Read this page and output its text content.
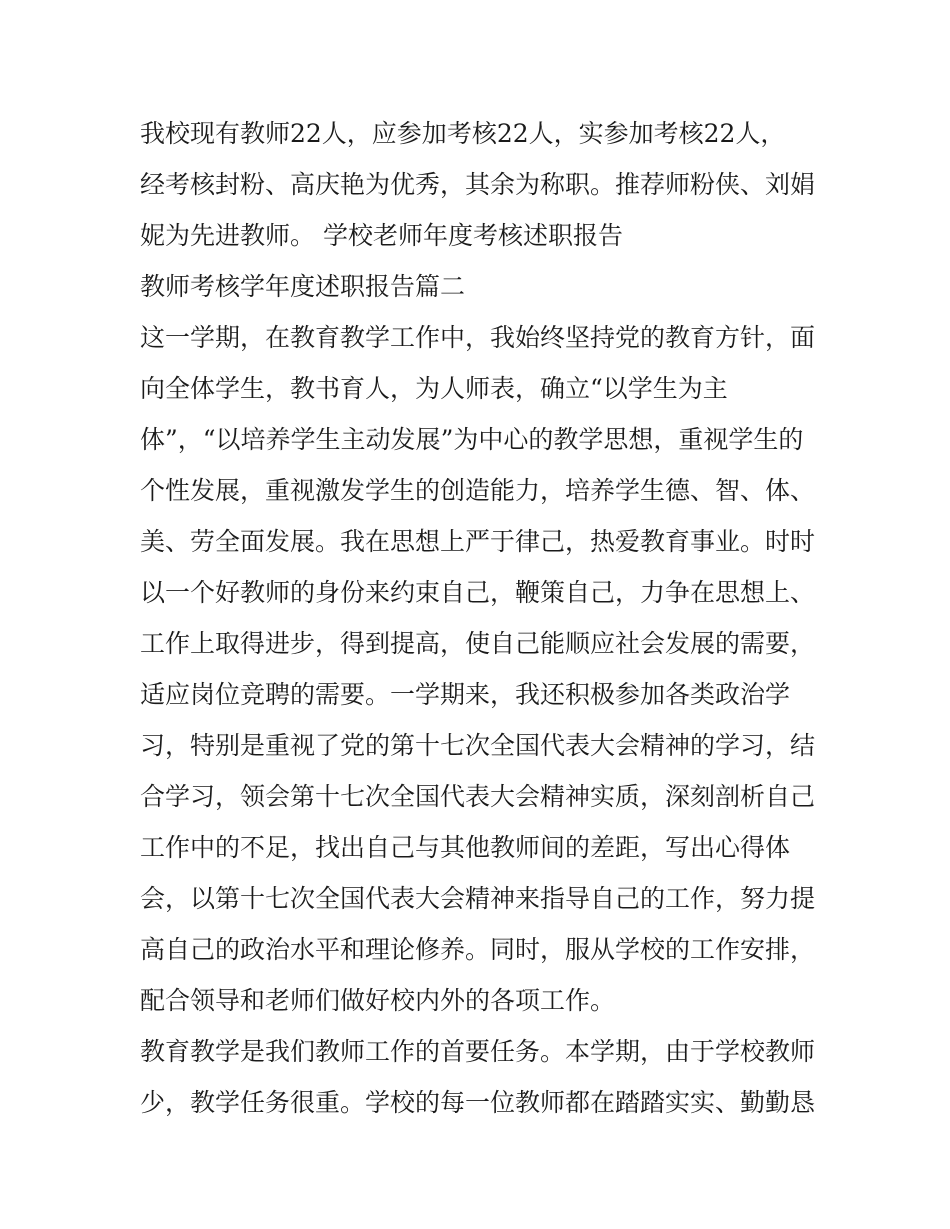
我校现有教师22人，应参加考核22人，实参加考核22人，
经考核封粉、高庆艳为优秀，其余为称职。推荐师粉侠、刘娟
妮为先进教师。 学校老师年度考核述职报告
教师考核学年度述职报告篇二
这一学期，在教育教学工作中，我始终坚持党的教育方针，面
向全体学生，教书育人，为人师表，确立“以学生为主
体”，“以培养学生主动发展”为中心的教学思想，重视学生的
个性发展，重视激发学生的创造能力，培养学生德、智、体、
美、劳全面发展。我在思想上严于律己，热爱教育事业。时时
以一个好教师的身份来约束自己，鞭策自己，力争在思想上、
工作上取得进步，得到提高，使自己能顺应社会发展的需要，
适应岗位竞聘的需要。一学期来，我还积极参加各类政治学
习，特别是重视了党的第十七次全国代表大会精神的学习，结
合学习，领会第十七次全国代表大会精神实质，深刻剖析自己
工作中的不足，找出自己与其他教师间的差距，写出心得体
会，以第十七次全国代表大会精神来指导自己的工作，努力提
高自己的政治水平和理论修养。同时，服从学校的工作安排，
配合领导和老师们做好校内外的各项工作。
教育教学是我们教师工作的首要任务。本学期，由于学校教师
少，教学任务很重。学校的每一位教师都在踏踏实实、勤勤恳
